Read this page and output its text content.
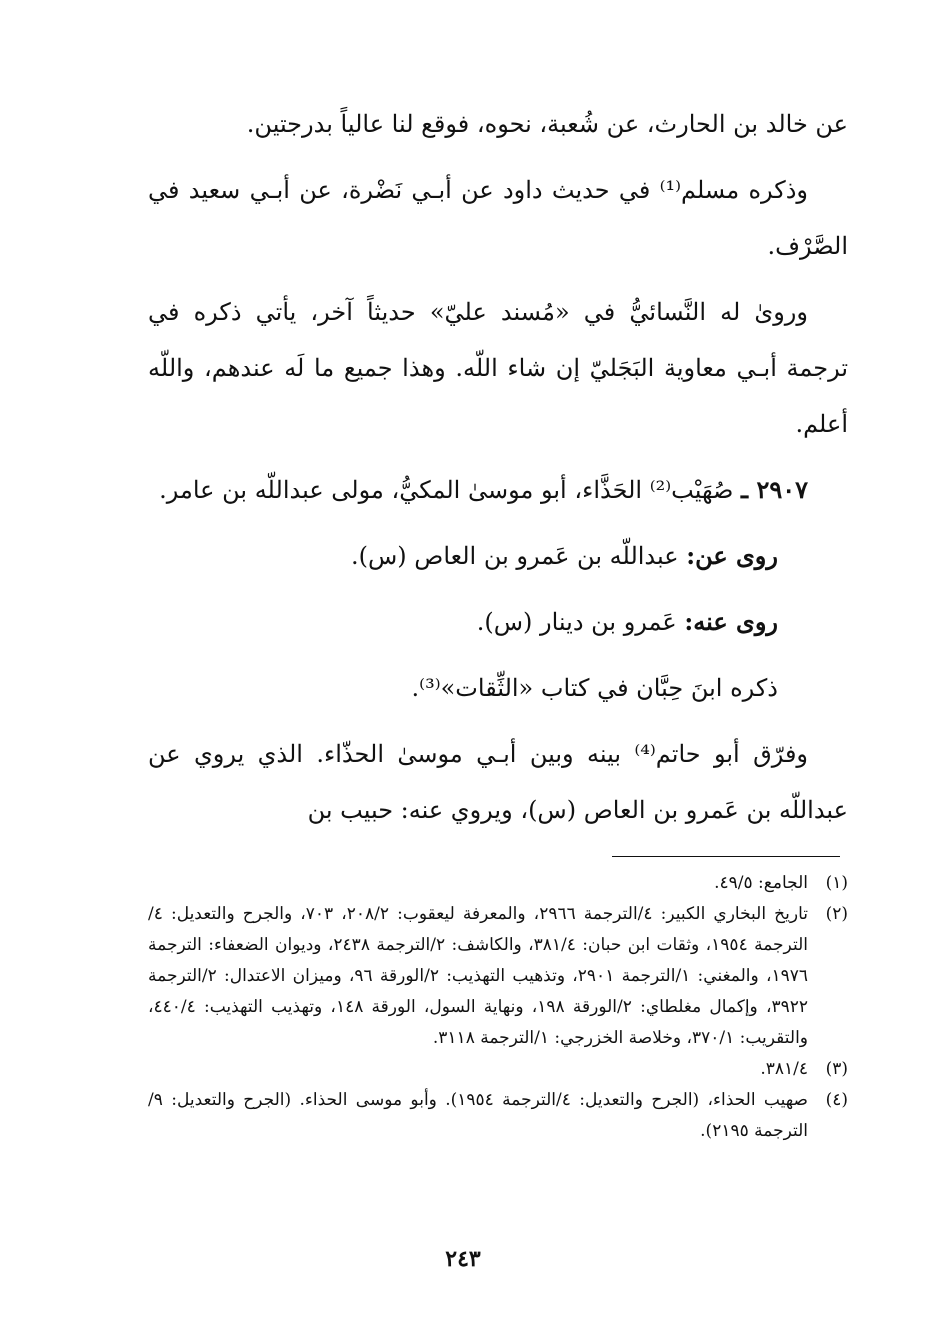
عن خالد بن الحارث، عن شُعبة، نحوه، فوقع لنا عالياً بدرجتين.

وذكره مسلم⁽¹⁾ في حديث داود عن أبـي نَضْرة، عن أبـي سعيد في الصَّرْف.

وروىٰ له النَّسائيُّ في «مُسند عليّ» حديثاً آخر، يأتي ذكره في ترجمة أبـي معاوية البَجَليّ إن شاء اللّه. وهذا جميع ما لَه عندهم، واللّه أعلم.

٢٩٠٧ ـ صُهَيْب⁽²⁾ الحَذَّاء، أبو موسىٰ المكيُّ، مولى عبداللّه بن عامر.

روى عن: عبداللّه بن عَمرو بن العاص (س).

روى عنه: عَمرو بن دينار (س).

ذكره ابنَ حِبَّان في كتاب «الثِّقات»⁽³⁾.

وفرّق أبو حاتم⁽⁴⁾ بينه وبين أبـي موسىٰ الحذّاء. الذي يروي عن عبداللّه بن عَمرو بن العاص (س)، ويروي عنه: حبيب بن

(١)
الجامع: ٤٩/٥.

(٢)
تاريخ البخاري الكبير: ٤/الترجمة ٢٩٦٦، والمعرفة ليعقوب: ٢٠٨/٢، ٧٠٣، والجرح والتعديل: ٤/الترجمة ١٩٥٤، وثقات ابن حبان: ٣٨١/٤، والكاشف: ٢/الترجمة ٢٤٣٨، وديوان الضعفاء: الترجمة ١٩٧٦، والمغني: ١/الترجمة ٢٩٠١، وتذهيب التهذيب: ٢/الورقة ٩٦، وميزان الاعتدال: ٢/الترجمة ٣٩٢٢، وإكمال مغلطاي: ٢/الورقة ١٩٨، ونهاية السول، الورقة ١٤٨، وتهذيب التهذيب: ٤٤٠/٤، والتقريب: ٣٧٠/١، وخلاصة الخزرجي: ١/الترجمة ٣١١٨.

(٣)
٣٨١/٤.

(٤)
صهيب الحذاء، (الجرح والتعديل: ٤/الترجمة ١٩٥٤). وأبو موسى الحذاء. (الجرح والتعديل: ٩/الترجمة ٢١٩٥).

٢٤٣
